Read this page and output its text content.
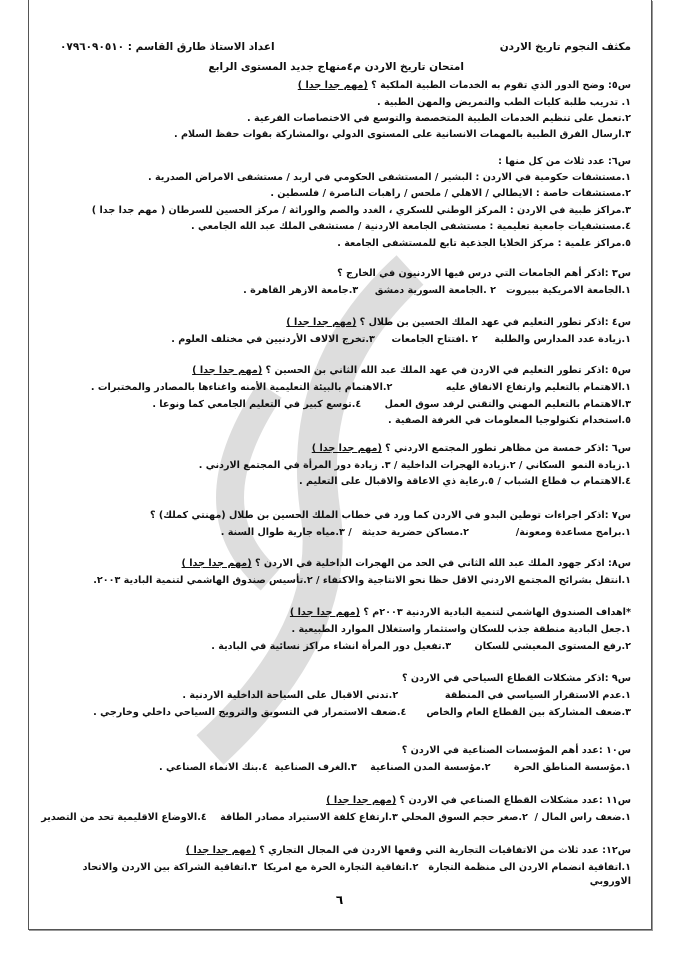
مكثف النجوم تاريخ الاردن
اعداد الاستاذ طارق القاسم : ٠٧٩٦٠٩٠٥١٠
امتحان تاريخ الاردن م٤منهاج جديد المستوى الرابع
س٥: وضح الدور الذي تقوم به الخدمات الطبية الملكية ؟ (مهم جدا جدا )
١. تدريب طلبة كليات الطب والتمريض والمهن الطبية .
٢.تعمل على تنظيم الخدمات الطبية المتخصصة والتوسع في الاختصاصات الفرعية .
٣.ارسال الفرق الطبية بالمهمات الانسانية على المستوى الدولي ،والمشاركة بقوات حفظ السلام .
س٦: عدد ثلاث من كل منها :
١.مستشفات حكومية في الاردن : البشير / المستشفى الحكومي في اربد / مستشفى الامراض الصدرية .
٢.مستشفات خاصة : الايطالي / الاهلي / ملحس / راهبات الناصرة / فلسطين .
٣.مراكز طبية في الاردن : المركز الوطني للسكري ، الغدد والصم والوراثة / مركز الحسين للسرطان ( مهم جدا جدا )
٤.مستشفيات جامعية تعليمية : مستشفى الجامعة الاردنية / مستشفى الملك عبد الله الجامعي .
٥.مراكز علمية : مركز الخلايا الجذعية تابع للمستشفى الجامعة .
س٣ :اذكر أهم الجامعات التي درس فيها الاردنيون في الخارج ؟
١.الجامعة الامريكية ببيروت   ٢ .الجامعة السورية دمشق     ٣.جامعة الازهر القاهرة .
س٤ :اذكر تطور التعليم في عهد الملك الحسين بن طلال ؟ (مهم جدا جدا )
١.زيادة عدد المدارس والطلبة     ٢ .افتتاح الجامعات     ٣.تخرج الالاف الأردنيين في مختلف العلوم .
س٥ :اذكر تطور التعليم في الاردن في عهد الملك عبد الله الثاني بن الحسين ؟ (مهم جدا جدا )
١.الاهتمام بالتعليم وارتفاع الانفاق عليه                ٢.الاهتمام بالبيئة التعليمية الأمنه واغناءها بالمصادر والمختبرات .
٣.الاهتمام بالتعليم المهني والتقني لرفد سوق العمل       ٤.توسع كبير في التعليم الجامعي كما ونوعا .
٥.استخدام تكنولوجيا المعلومات في الغرفة الصفية .
س٦ :اذكر خمسة من مظاهر تطور المجتمع الاردني ؟ (مهم جدا جدا )
١.زيادة النمو  السكاني / ٢.زيادة الهجرات الداخلية / ٣. زيادة دور المرأة في المجتمع الاردني .
٤.الاهتمام ب قطاع الشباب / ٥.رعاية ذي الاعاقة والاقبال على التعليم .
س٧ :اذكر اجراءات توطين البدو في الاردن كما ورد في خطاب الملك الحسين بن طلال (مهنتي كملك) ؟
١.برامج مساعدة ومعونة/              ٢.مساكن حضرية حديثة   / ٣.مياه جارية طوال السنة .
س٨: اذكر جهود الملك عبد الله الثاني في الحد من الهجرات الداخلية في الاردن ؟ (مهم جدا جدا )
١.انتقل بشرائح المجتمع الاردني الاقل حظا نحو الانتاجية والاكتفاء / ٢.تأسيس صندوق الهاشمي لتنمية البادية ٢٠٠٣.
*اهداف الصندوق الهاشمي لتنمية البادية الاردنية ٢٠٠٣م ؟ (مهم جدا جدا )
١.جعل البادية منطقة جذب للسكان واستثمار واستغلال الموارد الطبيعية .
٢.رفع المستوى المعيشي للسكان       ٣.تفعيل دور المرأة انشاء مراكز نسائية في البادية .
س٩ :اذكر مشكلات القطاع السياحي في الاردن ؟
١.عدم الاستقرار السياسي في المنطقة              ٢.تدني الاقبال على السياحة الداخلية الاردنية .
٣.ضعف المشاركة بين القطاع العام والخاص      ٤.ضعف الاستمرار في التسويق والترويج السياحي داخلي وخارجي .
س١٠ :عدد أهم المؤسسات الصناعية في الاردن ؟
١.مؤسسة المناطق الحرة       ٢.مؤسسة المدن الصناعية    ٣.الغرف الصناعية  ٤.بنك الانماء الصناعي .
س١١ :عدد مشكلات القطاع الصناعي في الاردن ؟ (مهم جدا جدا )
١.ضعف راس المال /  ٢.صغر حجم السوق المحلي ٣.ارتفاع كلفة الاستيراد مصادر الطاقة    ٤.الاوضاع الاقليمية تحد من التصدير
س١٢: عدد ثلاث من الاتفاقيات التجارية التي وقعها الاردن في المجال التجاري ؟ (مهم جدا جدا )
١.اتفاقية انضمام الاردن الى منظمة التجارة   ٢.اتفاقية التجارة الحرة مع امريكا  ٣.اتفاقية الشراكة بين الاردن والاتحاد الاوروبي
٦
